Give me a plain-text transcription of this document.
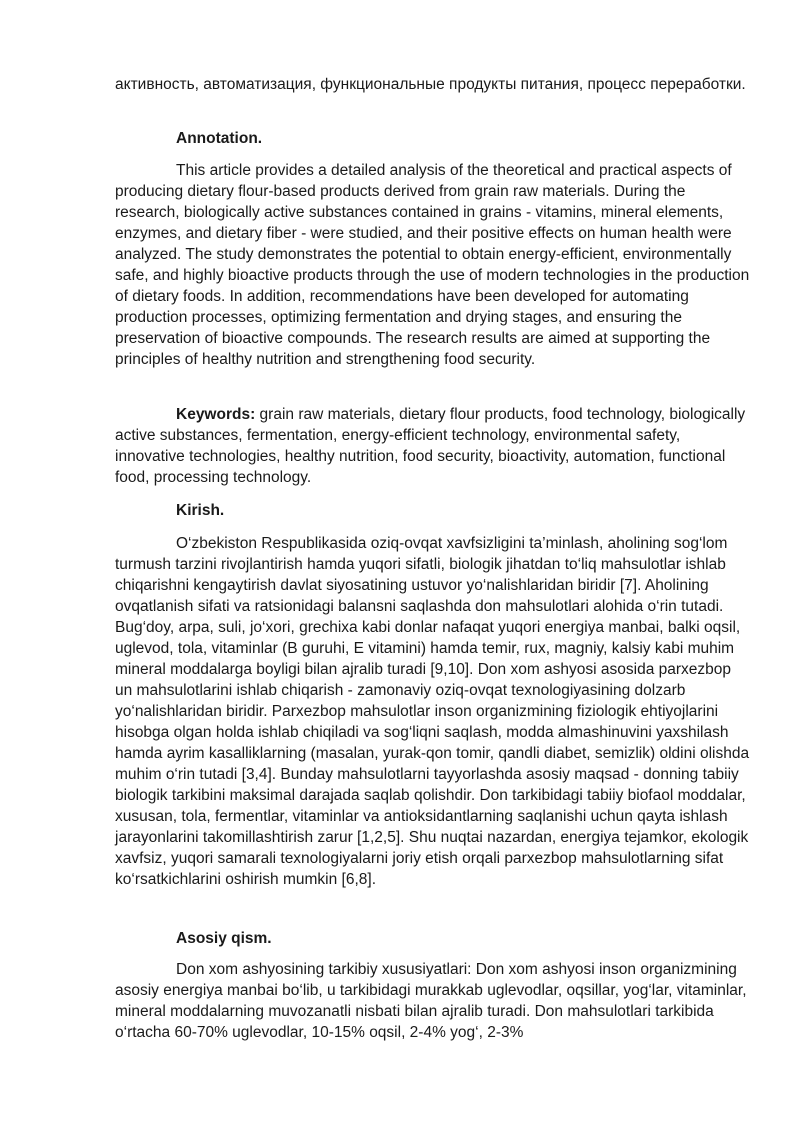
активность, автоматизация, функциональные продукты питания, процесс переработки.

Annotation.

This article provides a detailed analysis of the theoretical and practical aspects of producing dietary flour-based products derived from grain raw materials. During the research, biologically active substances contained in grains - vitamins, mineral elements, enzymes, and dietary fiber - were studied, and their positive effects on human health were analyzed. The study demonstrates the potential to obtain energy-efficient, environmentally safe, and highly bioactive products through the use of modern technologies in the production of dietary foods. In addition, recommendations have been developed for automating production processes, optimizing fermentation and drying stages, and ensuring the preservation of bioactive compounds. The research results are aimed at supporting the principles of healthy nutrition and strengthening food security.

Keywords: grain raw materials, dietary flour products, food technology, biologically active substances, fermentation, energy-efficient technology, environmental safety, innovative technologies, healthy nutrition, food security, bioactivity, automation, functional food, processing technology.

Kirish.

O‘zbekiston Respublikasida oziq-ovqat xavfsizligini ta’minlash, aholining sog‘lom turmush tarzini rivojlantirish hamda yuqori sifatli, biologik jihatdan to‘liq mahsulotlar ishlab chiqarishni kengaytirish davlat siyosatining ustuvor yo‘nalishlaridan biridir [7]. Aholining ovqatlanish sifati va ratsionidagi balansni saqlashda don mahsulotlari alohida o‘rin tutadi. Bug‘doy, arpa, suli, jo‘xori, grechixa kabi donlar nafaqat yuqori energiya manbai, balki oqsil, uglevod, tola, vitaminlar (B guruhi, E vitamini) hamda temir, rux, magniy, kalsiy kabi muhim mineral moddalarga boyligi bilan ajralib turadi [9,10]. Don xom ashyosi asosida parxezbop un mahsulotlarini ishlab chiqarish - zamonaviy oziq-ovqat texnologiyasining dolzarb yo‘nalishlaridan biridir. Parxezbop mahsulotlar inson organizmining fiziologik ehtiyojlarini hisobga olgan holda ishlab chiqiladi va sog‘liqni saqlash, modda almashinuvini yaxshilash hamda ayrim kasalliklarning (masalan, yurak-qon tomir, qandli diabet, semizlik) oldini olishda muhim o‘rin tutadi [3,4]. Bunday mahsulotlarni tayyorlashda asosiy maqsad - donning tabiiy biologik tarkibini maksimal darajada saqlab qolishdir. Don tarkibidagi tabiiy biofaol moddalar, xususan, tola, fermentlar, vitaminlar va antioksidantlarning saqlanishi uchun qayta ishlash jarayonlarini takomillashtirish zarur [1,2,5]. Shu nuqtai nazardan, energiya tejamkor, ekologik xavfsiz, yuqori samarali texnologiyalarni joriy etish orqali parxezbop mahsulotlarning sifat ko‘rsatkichlarini oshirish mumkin [6,8].

Asosiy qism.

Don xom ashyosining tarkibiy xususiyatlari: Don xom ashyosi inson organizmining asosiy energiya manbai bo‘lib, u tarkibidagi murakkab uglevodlar, oqsillar, yog‘lar, vitaminlar, mineral moddalarning muvozanatli nisbati bilan ajralib turadi. Don mahsulotlari tarkibida o‘rtacha 60-70% uglevodlar, 10-15% oqsil, 2-4% yog‘, 2-3%
